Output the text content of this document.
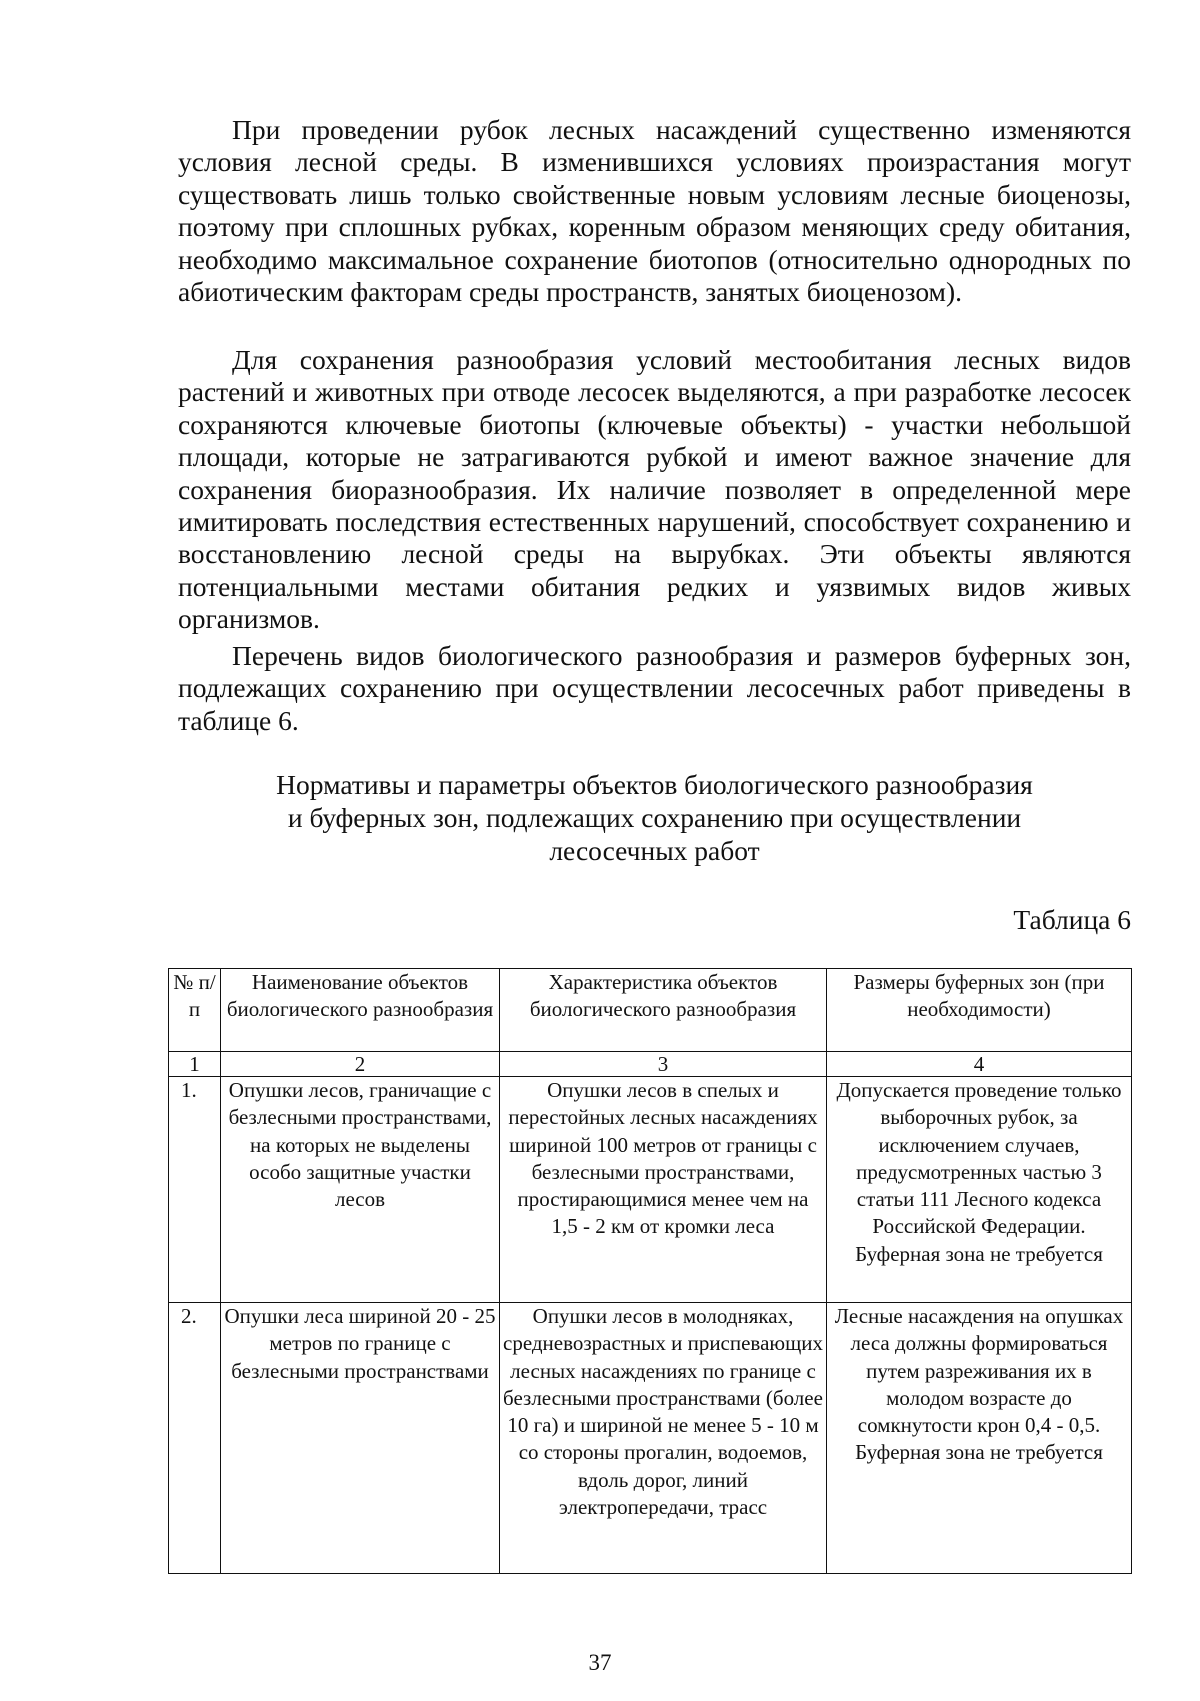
При проведении рубок лесных насаждений существенно изменяются условия лесной среды. В изменившихся условиях произрастания могут существовать лишь только свойственные новым условиям лесные биоценозы, поэтому при сплошных рубках, коренным образом меняющих среду обитания, необходимо максимальное сохранение биотопов (относительно однородных по абиотическим факторам среды пространств, занятых биоценозом).

Для сохранения разнообразия условий местообитания лесных видов растений и животных при отводе лесосек выделяются, а при разработке лесосек сохраняются ключевые биотопы (ключевые объекты) - участки небольшой площади, которые не затрагиваются рубкой и имеют важное значение для сохранения биоразнообразия. Их наличие позволяет в определенной мере имитировать последствия естественных нарушений, способствует сохранению и восстановлению лесной среды на вырубках. Эти объекты являются потенциальными местами обитания редких и уязвимых видов живых организмов.

Перечень видов биологического разнообразия и размеров буферных зон, подлежащих сохранению при осуществлении лесосечных работ приведены в таблице 6.

Нормативы и параметры объектов биологического разнообразия
и буферных зон, подлежащих сохранению при осуществлении
лесосечных работ

Таблица 6

№ п/п	Наименование объектов биологического разнообразия	Характеристика объектов биологического разнообразия	Размеры буферных зон (при необходимости)
1	2	3	4
1.	Опушки лесов, граничащие с безлесными пространствами, на которых не выделены особо защитные участки лесов	Опушки лесов в спелых и перестойных лесных насаждениях шириной 100 метров от границы с безлесными пространствами, простирающимися менее чем на 1,5 - 2 км от кромки леса	Допускается проведение только выборочных рубок, за исключением случаев, предусмотренных частью 3 статьи 111 Лесного кодекса Российской Федерации. Буферная зона не требуется
2.	Опушки леса шириной 20 - 25 метров по границе с безлесными пространствами	Опушки лесов в молодняках, средневозрастных и приспевающих лесных насаждениях по границе с безлесными пространствами (более 10 га) и шириной не менее 5 - 10 м со стороны прогалин, водоемов, вдоль дорог, линий электропередачи, трасс	Лесные насаждения на опушках леса должны формироваться путем разреживания их в молодом возрасте до сомкнутости крон 0,4 - 0,5. Буферная зона не требуется

37
